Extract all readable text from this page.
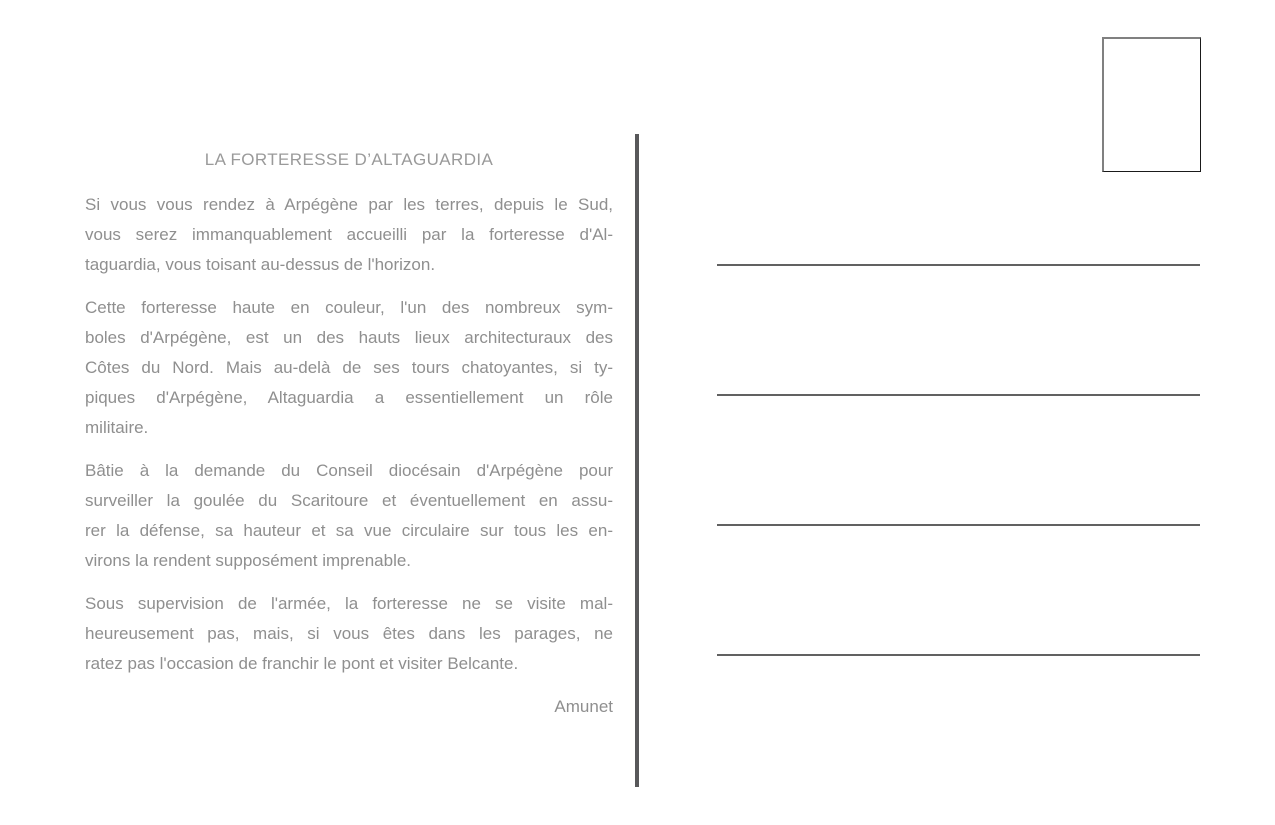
LA FORTERESSE D’ALTAGUARDIA
Si vous vous rendez à Arpégène par les terres, depuis le Sud,
vous serez immanquablement accueilli par la forteresse d'Al-
taguardia, vous toisant au-dessus de l'horizon.
Cette forteresse haute en couleur, l'un des nombreux sym-
boles d'Arpégène, est un des hauts lieux architecturaux des
Côtes du Nord. Mais au-delà de ses tours chatoyantes, si ty-
piques d'Arpégène, Altaguardia a essentiellement un rôle
militaire.
Bâtie à la demande du Conseil diocésain d'Arpégène pour
surveiller la goulée du Scaritoure et éventuellement en assu-
rer la défense, sa hauteur et sa vue circulaire sur tous les en-
virons la rendent supposément imprenable.
Sous supervision de l'armée, la forteresse ne se visite mal-
heureusement pas, mais, si vous êtes dans les parages, ne
ratez pas l'occasion de franchir le pont et visiter Belcante.
Amunet
